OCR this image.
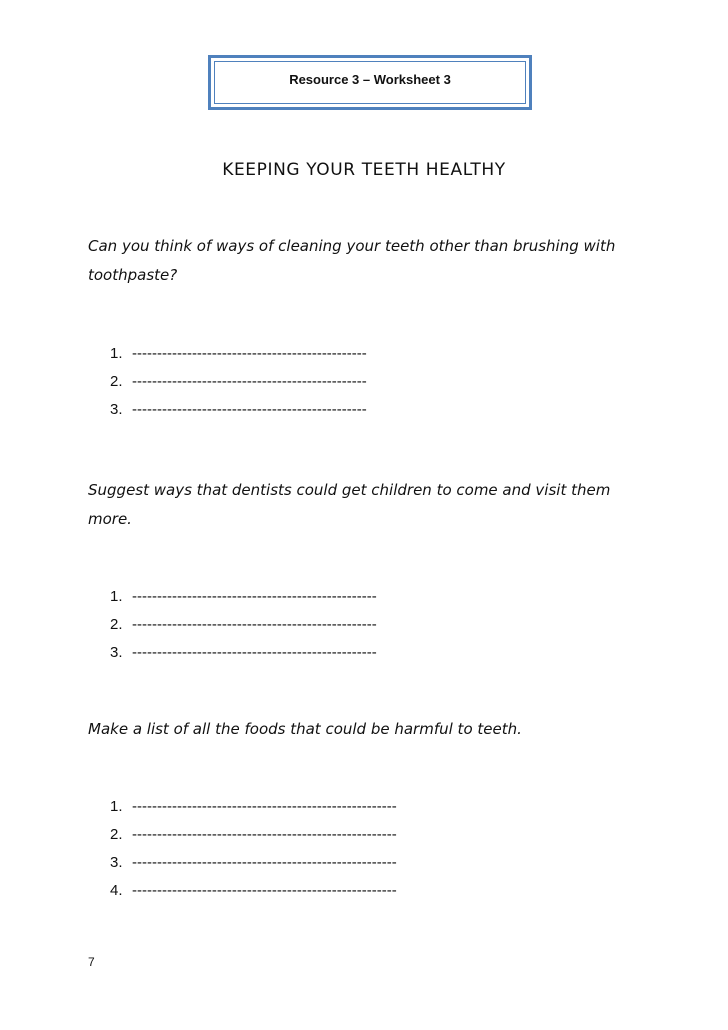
Resource 3 – Worksheet 3
KEEPING YOUR TEETH HEALTHY
Can you think of ways of cleaning your teeth other than brushing with toothpaste?
1. -----------------------------------------------
2. -----------------------------------------------
3. -----------------------------------------------
Suggest ways that dentists could get children to come and visit them more.
1. -------------------------------------------------
2. -------------------------------------------------
3. -------------------------------------------------
Make a list of all the foods that could be harmful to teeth.
1. -----------------------------------------------------
2. -----------------------------------------------------
3. -----------------------------------------------------
4. -----------------------------------------------------
7
